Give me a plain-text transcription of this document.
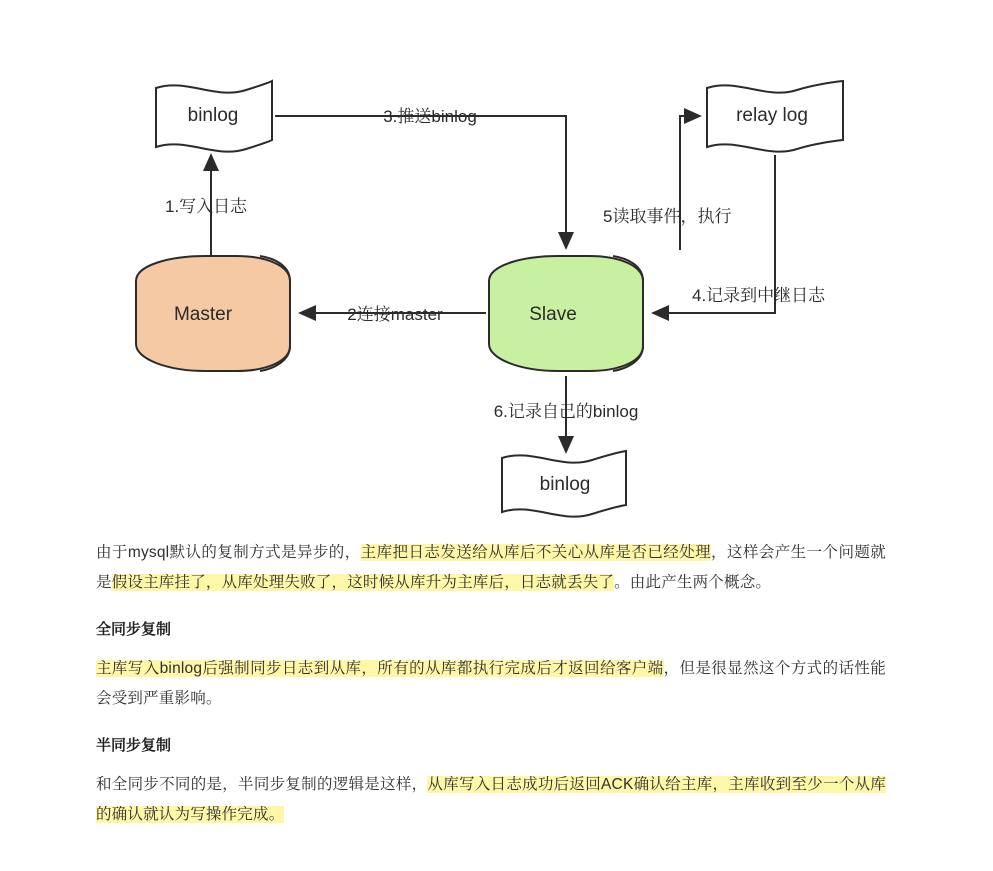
binlog	relay log
Master	Slave
binlog
1.写入日志
3.推送binlog
2连接master
5读取事件，执行
4.记录到中继日志
6.记录自己的binlog

由于mysql默认的复制方式是异步的，主库把日志发送给从库后不关心从库是否已经处理，这样会产生一个问题就是假设主库挂了，从库处理失败了，这时候从库升为主库后，日志就丢失了。由此产生两个概念。

全同步复制

主库写入binlog后强制同步日志到从库，所有的从库都执行完成后才返回给客户端，但是很显然这个方式的话性能会受到严重影响。

半同步复制

和全同步不同的是，半同步复制的逻辑是这样，从库写入日志成功后返回ACK确认给主库，主库收到至少一个从库的确认就认为写操作完成。
